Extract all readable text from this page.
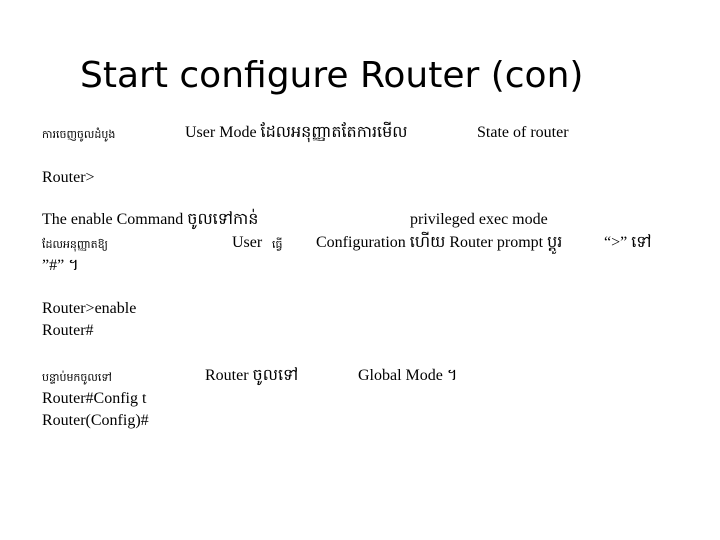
Start configure Router (con)
ការចេញចូលដំបូង	User Mode ដែលអនុញ្ញាតតែការមើល	State of router
Router>
The enable Command ចូលទៅកាន់	privileged exec mode
ដែលអនុញ្ញាតឱ្យ	User ធ្វើ Configuration ហើយ Router prompt ប្តូរ	“>” ទៅ
”#” ។
Router>enable
Router#
បន្ទាប់មកចូលទៅ	Router ចូលទៅ	Global Mode ។
Router#Config t
Router(Config)#
